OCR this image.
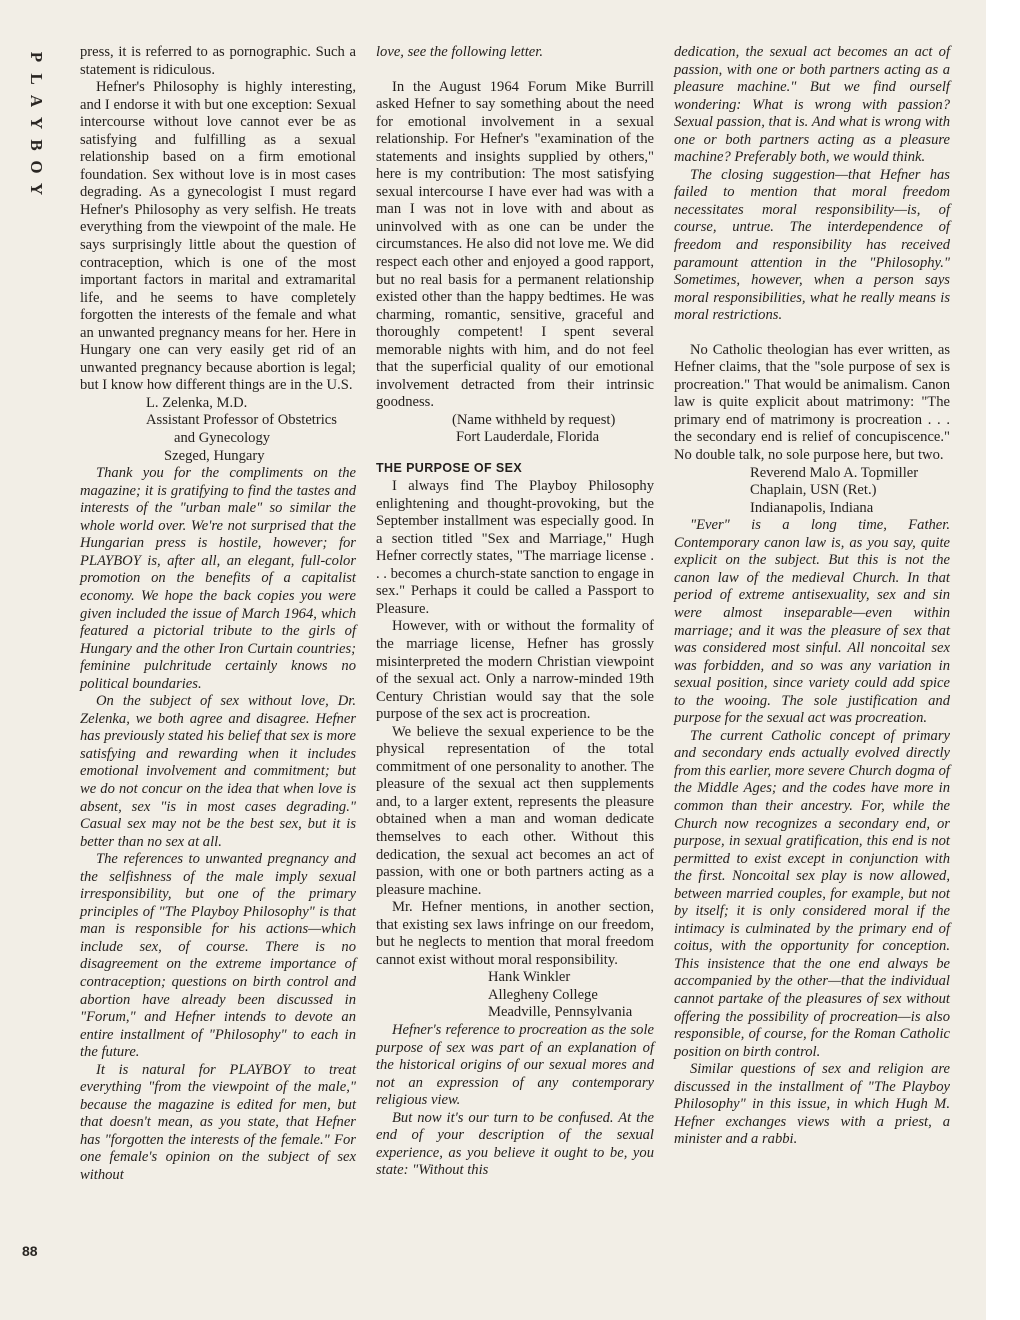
P
L
A
Y
B
O
Y
88

press, it is referred to as pornographic. Such a statement is ridiculous.

Hefner's Philosophy is highly interesting, and I endorse it with but one exception: Sexual intercourse without love cannot ever be as satisfying and fulfilling as a sexual relationship based on a firm emotional foundation. Sex without love is in most cases degrading. As a gynecologist I must regard Hefner's Philosophy as very selfish. He treats everything from the viewpoint of the male. He says surprisingly little about the question of contraception, which is one of the most important factors in marital and extramarital life, and he seems to have completely forgotten the interests of the female and what an unwanted pregnancy means for her. Here in Hungary one can very easily get rid of an unwanted pregnancy because abortion is legal; but I know how different things are in the U.S.

L. Zelenka, M.D.
Assistant Professor of Obstetrics
and Gynecology
Szeged, Hungary

Thank you for the compliments on the magazine; it is gratifying to find the tastes and interests of the "urban male" so similar the whole world over. We're not surprised that the Hungarian press is hostile, however; for PLAYBOY is, after all, an elegant, full-color promotion on the benefits of a capitalist economy. We hope the back copies you were given included the issue of March 1964, which featured a pictorial tribute to the girls of Hungary and the other Iron Curtain countries; feminine pulchritude certainly knows no political boundaries.

On the subject of sex without love, Dr. Zelenka, we both agree and disagree. Hefner has previously stated his belief that sex is more satisfying and rewarding when it includes emotional involvement and commitment; but we do not concur on the idea that when love is absent, sex "is in most cases degrading." Casual sex may not be the best sex, but it is better than no sex at all.

The references to unwanted pregnancy and the selfishness of the male imply sexual irresponsibility, but one of the primary principles of "The Playboy Philosophy" is that man is responsible for his actions—which include sex, of course. There is no disagreement on the extreme importance of contraception; questions on birth control and abortion have already been discussed in "Forum," and Hefner intends to devote an entire installment of "Philosophy" to each in the future.

It is natural for PLAYBOY to treat everything "from the viewpoint of the male," because the magazine is edited for men, but that doesn't mean, as you state, that Hefner has "forgotten the interests of the female." For one female's opinion on the subject of sex without

love, see the following letter.

In the August 1964 Forum Mike Burrill asked Hefner to say something about the need for emotional involvement in a sexual relationship. For Hefner's "examination of the statements and insights supplied by others," here is my contribution: The most satisfying sexual intercourse I have ever had was with a man I was not in love with and about as uninvolved with as one can be under the circumstances. He also did not love me. We did respect each other and enjoyed a good rapport, but no real basis for a permanent relationship existed other than the happy bedtimes. He was charming, romantic, sensitive, graceful and thoroughly competent! I spent several memorable nights with him, and do not feel that the superficial quality of our emotional involvement detracted from their intrinsic goodness.

(Name withheld by request)
Fort Lauderdale, Florida
THE PURPOSE OF SEX

I always find The Playboy Philosophy enlightening and thought-provoking, but the September installment was especially good. In a section titled "Sex and Marriage," Hugh Hefner correctly states, "The marriage license . . . becomes a church-state sanction to engage in sex." Perhaps it could be called a Passport to Pleasure.

However, with or without the formality of the marriage license, Hefner has grossly misinterpreted the modern Christian viewpoint of the sexual act. Only a narrow-minded 19th Century Christian would say that the sole purpose of the sex act is procreation.

We believe the sexual experience to be the physical representation of the total commitment of one personality to another. The pleasure of the sexual act then supplements and, to a larger extent, represents the pleasure obtained when a man and woman dedicate themselves to each other. Without this dedication, the sexual act becomes an act of passion, with one or both partners acting as a pleasure machine.

Mr. Hefner mentions, in another section, that existing sex laws infringe on our freedom, but he neglects to mention that moral freedom cannot exist without moral responsibility.

Hank Winkler
Allegheny College
Meadville, Pennsylvania

Hefner's reference to procreation as the sole purpose of sex was part of an explanation of the historical origins of our sexual mores and not an expression of any contemporary religious view.

But now it's our turn to be confused. At the end of your description of the sexual experience, as you believe it ought to be, you state: "Without this

dedication, the sexual act becomes an act of passion, with one or both partners acting as a pleasure machine." But we find ourself wondering: What is wrong with passion? Sexual passion, that is. And what is wrong with one or both partners acting as a pleasure machine? Preferably both, we would think.

The closing suggestion—that Hefner has failed to mention that moral freedom necessitates moral responsibility—is, of course, untrue. The interdependence of freedom and responsibility has received paramount attention in the "Philosophy." Sometimes, however, when a person says moral responsibilities, what he really means is moral restrictions.

No Catholic theologian has ever written, as Hefner claims, that the "sole purpose of sex is procreation." That would be animalism. Canon law is quite explicit about matrimony: "The primary end of matrimony is procreation . . . the secondary end is relief of concupiscence." No double talk, no sole purpose here, but two.

Reverend Malo A. Topmiller
Chaplain, USN (Ret.)
Indianapolis, Indiana

"Ever" is a long time, Father. Contemporary canon law is, as you say, quite explicit on the subject. But this is not the canon law of the medieval Church. In that period of extreme antisexuality, sex and sin were almost inseparable—even within marriage; and it was the pleasure of sex that was considered most sinful. All noncoital sex was forbidden, and so was any variation in sexual position, since variety could add spice to the wooing. The sole justification and purpose for the sexual act was procreation.

The current Catholic concept of primary and secondary ends actually evolved directly from this earlier, more severe Church dogma of the Middle Ages; and the codes have more in common than their ancestry. For, while the Church now recognizes a secondary end, or purpose, in sexual gratification, this end is not permitted to exist except in conjunction with the first. Noncoital sex play is now allowed, between married couples, for example, but not by itself; it is only considered moral if the intimacy is culminated by the primary end of coitus, with the opportunity for conception. This insistence that the one end always be accompanied by the other—that the individual cannot partake of the pleasures of sex without offering the possibility of procreation—is also responsible, of course, for the Roman Catholic position on birth control.

Similar questions of sex and religion are discussed in the installment of "The Playboy Philosophy" in this issue, in which Hugh M. Hefner exchanges views with a priest, a minister and a rabbi.
